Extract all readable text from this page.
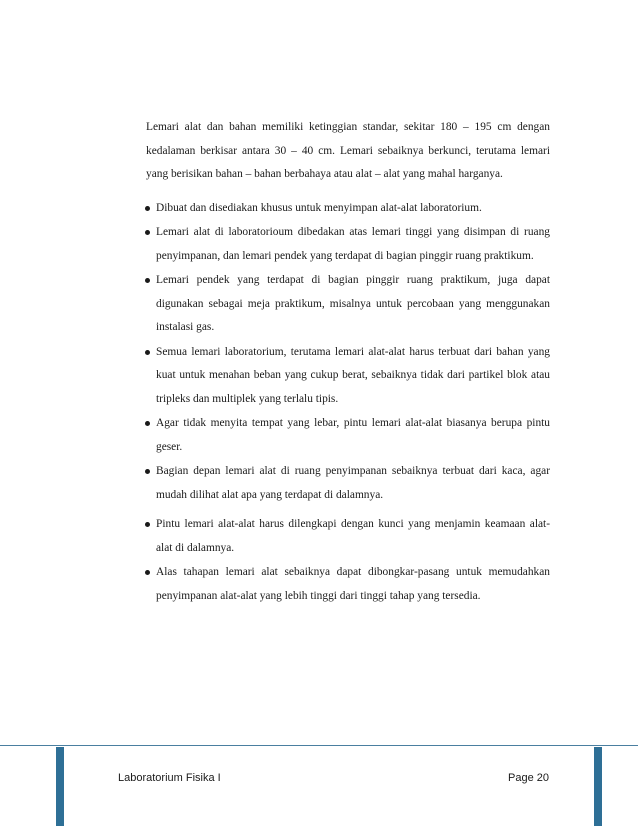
Lemari alat dan bahan memiliki ketinggian standar, sekitar 180 – 195 cm dengan kedalaman berkisar antara 30 – 40 cm. Lemari sebaiknya berkunci, terutama lemari yang berisikan bahan – bahan berbahaya atau alat – alat yang mahal harganya.

Dibuat dan disediakan khusus untuk menyimpan alat-alat laboratorium.
Lemari alat di laboratorioum dibedakan atas lemari tinggi yang disimpan di ruang penyimpanan, dan lemari pendek yang terdapat di bagian pinggir ruang praktikum.
Lemari pendek yang terdapat di bagian pinggir ruang praktikum, juga dapat digunakan sebagai meja praktikum, misalnya untuk percobaan yang menggunakan instalasi gas.
Semua lemari laboratorium, terutama lemari alat-alat harus terbuat dari bahan yang kuat untuk menahan beban yang cukup berat, sebaiknya tidak dari partikel blok atau tripleks dan multiplek yang terlalu tipis.
Agar tidak menyita tempat yang lebar, pintu lemari alat-alat biasanya berupa pintu geser.
Bagian depan lemari alat di ruang penyimpanan sebaiknya terbuat dari kaca, agar mudah dilihat alat apa yang terdapat di dalamnya.
Pintu lemari alat-alat harus dilengkapi dengan kunci yang menjamin keamaan alat-alat di dalamnya.
Alas tahapan lemari alat sebaiknya dapat dibongkar-pasang untuk memudahkan penyimpanan alat-alat yang lebih tinggi dari tinggi tahap yang tersedia.
Laboratorium Fisika I	Page 20
